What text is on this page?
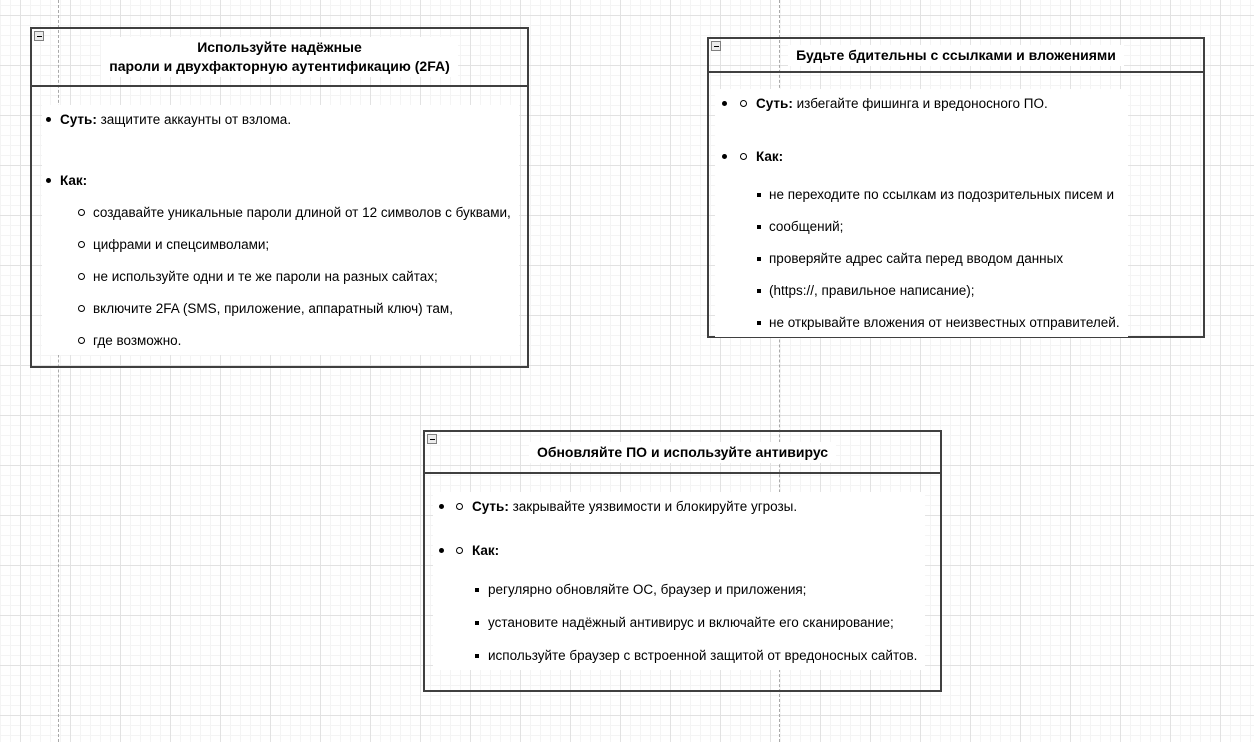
Используйте надёжные
пароли и двухфакторную аутентификацию (2FA)
Суть: защитите аккаунты от взлома.
Как:
создавайте уникальные пароли длиной от 12 символов с буквами,
цифрами и спецсимволами;
не используйте одни и те же пароли на разных сайтах;
включите 2FA (SMS, приложение, аппаратный ключ) там,
где возможно.
Будьте бдительны с ссылками и вложениями
Суть: избегайте фишинга и вредоносного ПО.
Как:
не переходите по ссылкам из подозрительных писем и
сообщений;
проверяйте адрес сайта перед вводом данных
(https://, правильное написание);
не открывайте вложения от неизвестных отправителей.
Обновляйте ПО и используйте антивирус
Суть: закрывайте уязвимости и блокируйте угрозы.
Как:
регулярно обновляйте ОС, браузер и приложения;
установите надёжный антивирус и включайте его сканирование;
используйте браузер с встроенной защитой от вредоносных сайтов.
